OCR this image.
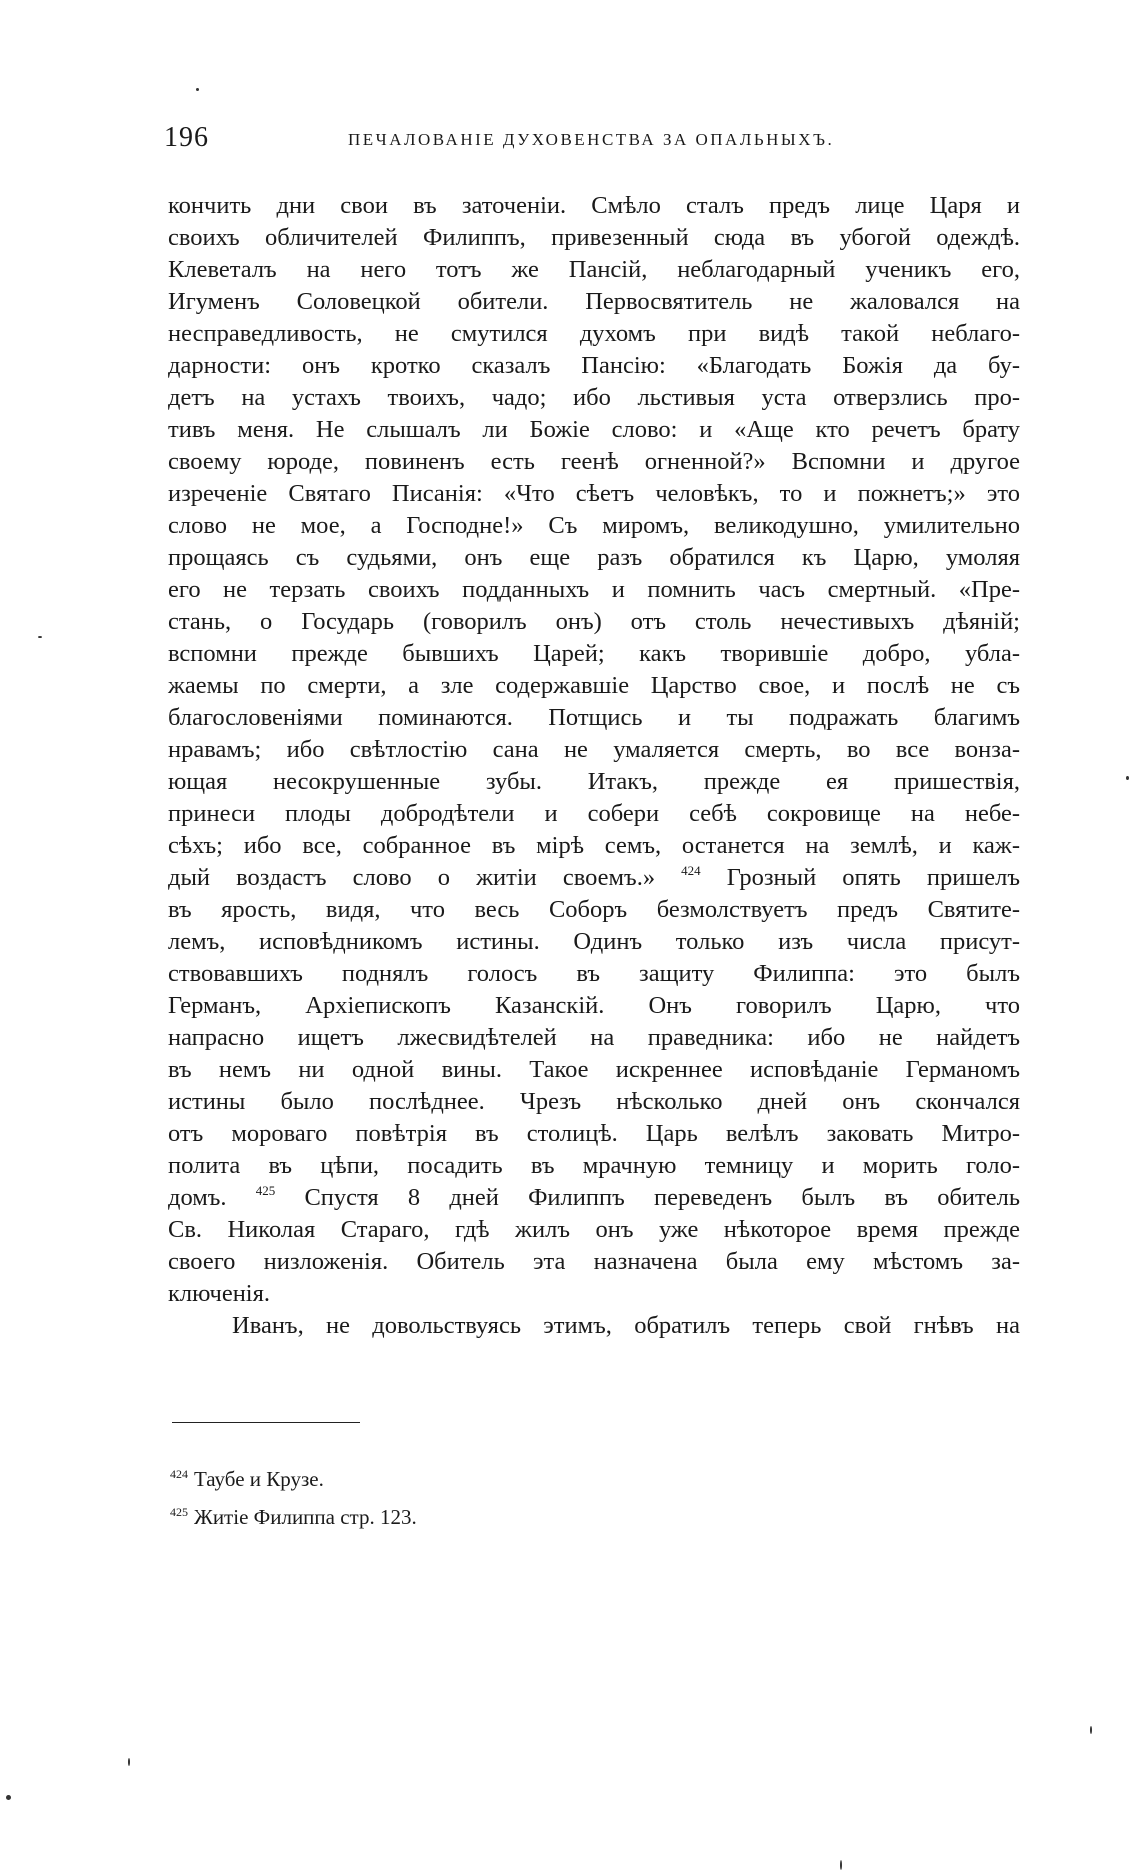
196	ПЕЧАЛОВАНІЕ ДУХОВЕНСТВА ЗА ОПАЛЬНЫХЪ.
кончить дни свои въ заточеніи. Смѣло сталъ предъ лице Царя и
своихъ обличителей Филиппъ, привезенный сюда въ убогой одеждѣ.
Клеветалъ на него тотъ же Пансій, неблагодарный ученикъ его,
Игуменъ Соловецкой обители. Первосвятитель не жаловался на
несправедливость, не смутился духомъ при видѣ такой неблаго-
дарности: онъ кротко сказалъ Пансію: «Благодать Божія да бу-
детъ на устахъ твоихъ, чадо; ибо льстивыя уста отверзлись про-
тивъ меня. Не слышалъ ли Божіе слово: и «Аще кто речетъ брату
своему юроде, повиненъ есть геенѣ огненной?» Вспомни и другое
изреченіе Святаго Писанія: «Что сѣетъ человѣкъ, то и пожнетъ;» это
слово не мое, а Господне!» Съ миромъ, великодушно, умилительно
прощаясь съ судьями, онъ еще разъ обратился къ Царю, умоляя
его не терзать своихъ подданныхъ и помнить часъ смертный. «Пре-
стань, о Государь (говорилъ онъ) отъ столь нечестивыхъ дѣяній;
вспомни прежде бывшихъ Царей; какъ творившіе добро, убла-
жаемы по смерти, а зле содержавшіе Царство свое, и послѣ не съ
благословеніями поминаются. Потщись и ты подражать благимъ
нравамъ; ибо свѣтлостію сана не умаляется смерть, во все вонза-
ющая несокрушенные зубы. Итакъ, прежде ея пришествія,
принеси плоды добродѣтели и собери себѣ сокровище на небе-
сѣхъ; ибо все, собранное въ мірѣ семъ, останется на землѣ, и каж-
дый воздастъ слово о житіи своемъ.» $^{424}$ Грозный опять пришелъ
въ ярость, видя, что весь Соборъ безмолствуетъ предъ Святите-
лемъ, исповѣдникомъ истины. Одинъ только изъ числа присут-
ствовавшихъ поднялъ голосъ въ защиту Филиппа: это былъ
Германъ, Архіепископъ Казанскій. Онъ говорилъ Царю, что
напрасно ищетъ лжесвидѣтелей на праведника: ибо не найдетъ
въ немъ ни одной вины. Такое искреннее исповѣданіе Германомъ
истины было послѣднее. Чрезъ нѣсколько дней онъ скончался
отъ мороваго повѣтрія въ столицѣ. Царь велѣлъ заковать Митро-
полита въ цѣпи, посадить въ мрачную темницу и морить голо-
домъ. $^{425}$ Спустя 8 дней Филиппъ переведенъ былъ въ обитель
Св. Николая Стараго, гдѣ жилъ онъ уже нѣкоторое время прежде
своего низложенія. Обитель эта назначена была ему мѣстомъ за-
ключенія.
Иванъ, не довольствуясь этимъ, обратилъ теперь свой гнѣвъ на
$^{424}$ Таубе и Крузе.
$^{425}$ Житіе Филиппа стр. 123.
